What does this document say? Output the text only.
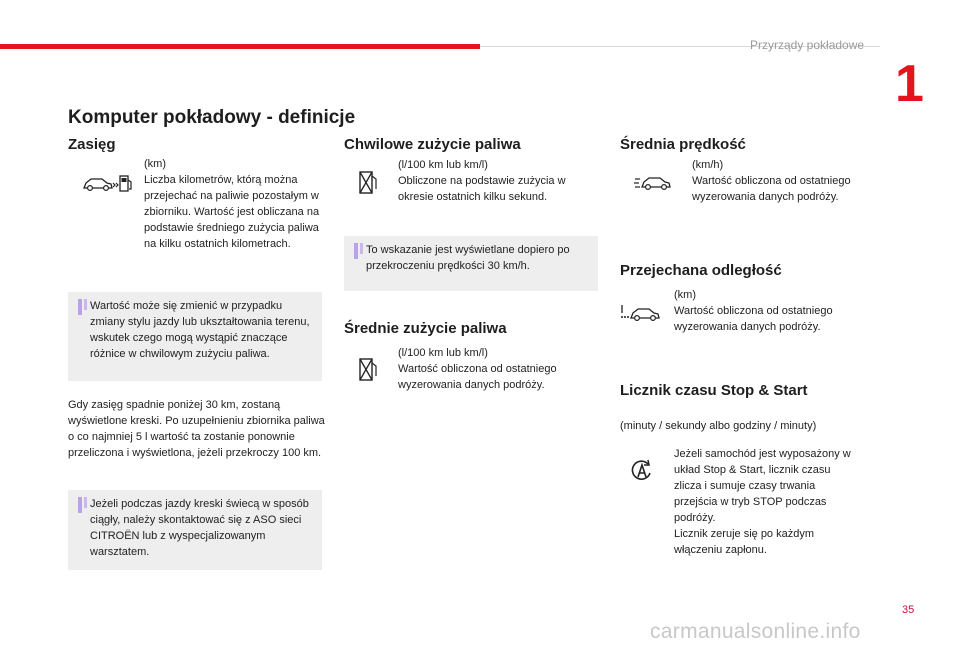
Przyrządy pokładowe
1
Komputer pokładowy - definicje
Zasięg
(km)
Liczba kilometrów, którą można przejechać na paliwie pozostałym w zbiorniku. Wartość jest obliczana na podstawie średniego zużycia paliwa na kilku ostatnich kilometrach.
Wartość może się zmienić w przypadku zmiany stylu jazdy lub ukształtowania terenu, wskutek czego mogą wystąpić znaczące różnice w chwilowym zużyciu paliwa.
Gdy zasięg spadnie poniżej 30 km, zostaną wyświetlone kreski. Po uzupełnieniu zbiornika paliwa o co najmniej 5 l wartość ta zostanie ponownie przeliczona i wyświetlona, jeżeli przekroczy 100 km.
Jeżeli podczas jazdy kreski świecą w sposób ciągły, należy skontaktować się z ASO sieci CITROËN lub z wyspecjalizowanym warsztatem.
Chwilowe zużycie paliwa
(l/100 km lub km/l)
Obliczone na podstawie zużycia w okresie ostatnich kilku sekund.
To wskazanie jest wyświetlane dopiero po przekroczeniu prędkości 30 km/h.
Średnie zużycie paliwa
(l/100 km lub km/l)
Wartość obliczona od ostatniego wyzerowania danych podróży.
Średnia prędkość
(km/h)
Wartość obliczona od ostatniego wyzerowania danych podróży.
Przejechana odległość
(km)
Wartość obliczona od ostatniego wyzerowania danych podróży.
Licznik czasu Stop & Start
(minuty / sekundy albo godziny / minuty)
Jeżeli samochód jest wyposażony w układ Stop & Start, licznik czasu zlicza i sumuje czasy trwania przejścia w tryb STOP podczas podróży.
Licznik zeruje się po każdym włączeniu zapłonu.
35
carmanualsonline.info
